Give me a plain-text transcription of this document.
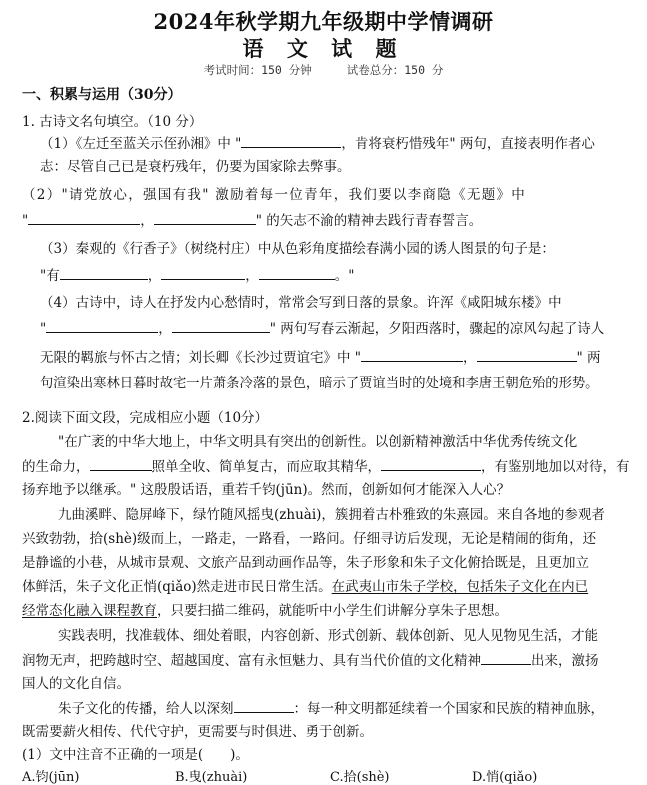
2024年秋学期九年级期中学情调研
语 文 试 题
考试时间：150 分钟	试卷总分：150 分
一、积累与运用（30分）
1. 古诗文名句填空。（10 分）
（1）《左迁至蓝关示侄孙湘》中 "	，肯将衰朽惜残年" 两句，直接表明作者心
志：尽管自己已是衰朽残年，仍要为国家除去弊事。
（2）"请党放心，强国有我" 激励着每一位青年，我们要以李商隐《无题》中
"	，	" 的矢志不渝的精神去践行青春誓言。
（3）秦观的《行香子》（树绕村庄）中从色彩角度描绘春满小园的诱人图景的句子是：
"有	，	，	。"
（4）古诗中，诗人在抒发内心愁情时，常常会写到日落的景象。许浑《咸阳城东楼》中
"	，	" 两句写春云渐起，夕阳西落时，骤起的凉风勾起了诗人
无限的羁旅与怀古之情；刘长卿《长沙过贾谊宅》中 "	，	" 两
句渲染出寒林日暮时故宅一片萧条冷落的景色，暗示了贾谊当时的处境和李唐王朝危殆的形势。
2.阅读下面文段，完成相应小题（10分）
"在广袤的中华大地上，中华文明具有突出的创新性。以创新精神激活中华优秀传统文化
的生命力，	照单全收、简单复古，而应取其精华，	，有鉴别地加以对待，有
扬弃地予以继承。" 这殷殷话语，重若千钧(jūn)。然而，创新如何才能深入人心？
九曲溪畔、隐屏峰下，绿竹随风摇曳(zhuài)，簇拥着古朴雅致的朱熹园。来自各地的参观者
兴致勃勃，拾(shè)级而上，一路走，一路看，一路问。仔细寻访后发现，无论是精闹的街角，还
是静谧的小巷，从城市景观、文旅产品到动画作品等，朱子形象和朱子文化俯拾既是，且更加立
体鲜活，朱子文化正悄(qiǎo)然走进市民日常生活。在武夷山市朱子学校，包括朱子文化在内已
经常态化融入课程教育，只要扫描二维码，就能听中小学生们讲解分享朱子思想。
实践表明，找准载体、细处着眼，内容创新、形式创新、载体创新、见人见物见生活，才能
润物无声，把跨越时空、超越国度、富有永恒魅力、具有当代价值的文化精神	出来，激扬
国人的文化自信。
朱子文化的传播，给人以深刻	：每一种文明都延续着一个国家和民族的精神血脉，
既需要薪火相传、代代守护，更需要与时俱进、勇于创新。
(1）文中注音不正确的一项是(　　)。
A.钧(jūn)	B.曳(zhuài)	C.拾(shè)	D.悄(qiǎo)
